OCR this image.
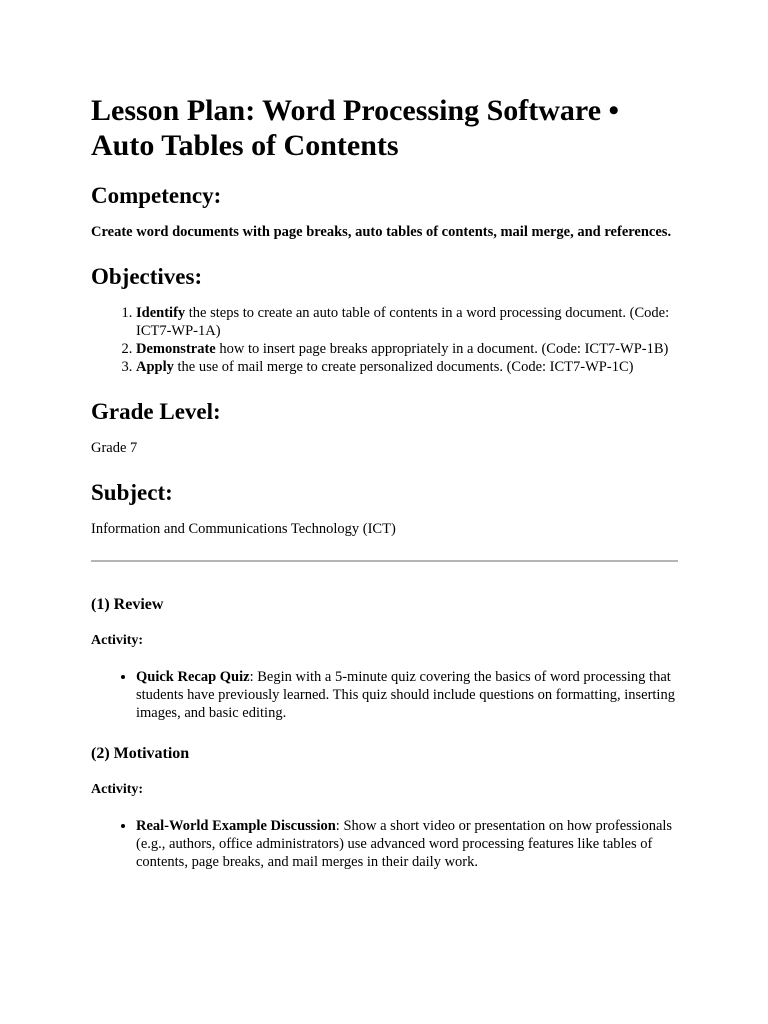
Lesson Plan: Word Processing Software • Auto Tables of Contents
Competency:

Create word documents with page breaks, auto tables of contents, mail merge, and references.

Objectives:
1. Identify the steps to create an auto table of contents in a word processing document. (Code: ICT7-WP-1A)
2. Demonstrate how to insert page breaks appropriately in a document. (Code: ICT7-WP-1B)
3. Apply the use of mail merge to create personalized documents. (Code: ICT7-WP-1C)
Grade Level:

Grade 7

Subject:

Information and Communications Technology (ICT)

(1) Review
Activity:
• Quick Recap Quiz: Begin with a 5-minute quiz covering the basics of word processing that students have previously learned. This quiz should include questions on formatting, inserting images, and basic editing.
(2) Motivation
Activity:
• Real-World Example Discussion: Show a short video or presentation on how professionals (e.g., authors, office administrators) use advanced word processing features like tables of contents, page breaks, and mail merges in their daily work.
